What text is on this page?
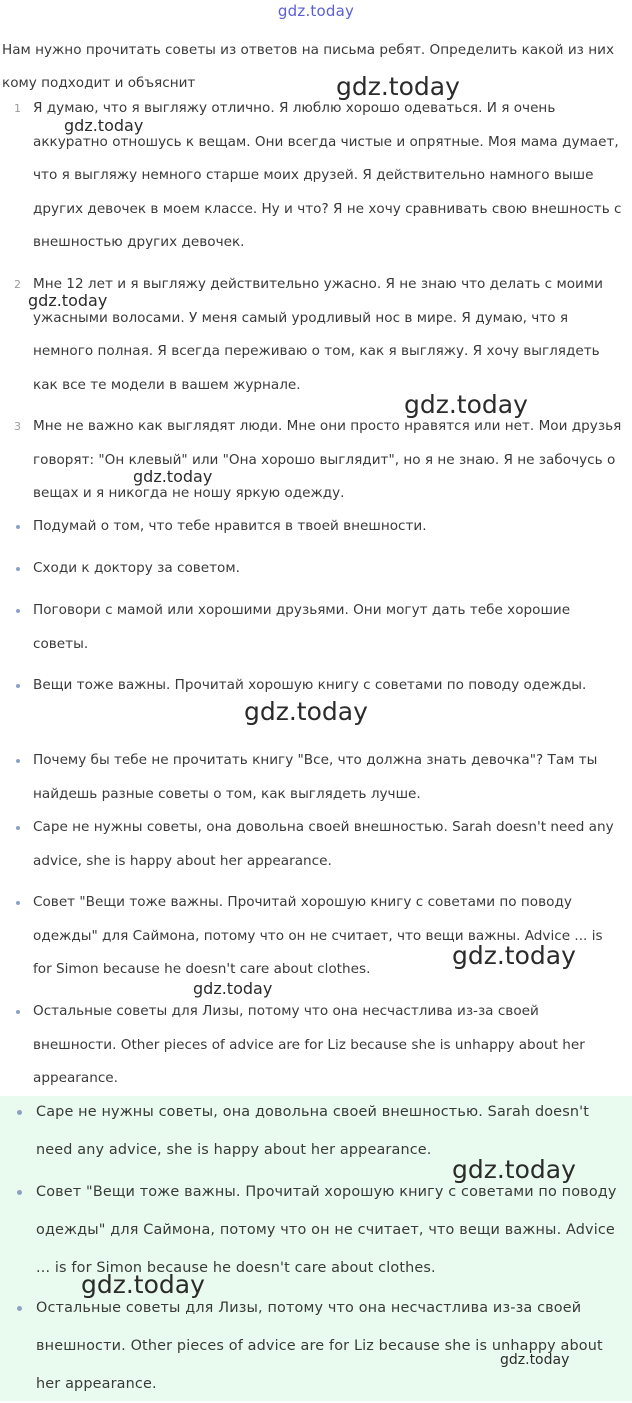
gdz.today
Нам нужно прочитать советы из ответов на письма ребят. Определить какой из них кому подходит и объяснит
1 Я думаю, что я выгляжу отлично. Я люблю хорошо одеваться. И я очень аккуратно отношусь к вещам. Они всегда чистые и опрятные. Моя мама думает, что я выгляжу немного старше моих друзей. Я действительно намного выше других девочек в моем классе. Ну и что? Я не хочу сравнивать свою внешность с внешностью других девочек.
2 Мне 12 лет и я выгляжу действительно ужасно. Я не знаю что делать с моими ужасными волосами. У меня самый уродливый нос в мире. Я думаю, что я немного полная. Я всегда переживаю о том, как я выгляжу. Я хочу выглядеть как все те модели в вашем журнале.
3 Мне не важно как выглядят люди. Мне они просто нравятся или нет. Мои друзья говорят: "Он клевый" или "Она хорошо выглядит", но я не знаю. Я не забочусь о вещах и я никогда не ношу яркую одежду.
Подумай о том, что тебе нравится в твоей внешности.
Сходи к доктору за советом.
Поговори с мамой или хорошими друзьями. Они могут дать тебе хорошие советы.
Вещи тоже важны. Прочитай хорошую книгу с советами по поводу одежды.
Почему бы тебе не прочитать книгу "Все, что должна знать девочка"? Там ты найдешь разные советы о том, как выглядеть лучше.
Саре не нужны советы, она довольна своей внешностью. Sarah doesn't need any advice, she is happy about her appearance.
Совет "Вещи тоже важны. Прочитай хорошую книгу с советами по поводу одежды" для Саймона, потому что он не считает, что вещи важны. Advice ... is for Simon because he doesn't care about clothes.
Остальные советы для Лизы, потому что она несчастлива из-за своей внешности. Other pieces of advice are for Liz because she is unhappy about her appearance.
Саре не нужны советы, она довольна своей внешностью. Sarah doesn't need any advice, she is happy about her appearance.
Совет "Вещи тоже важны. Прочитай хорошую книгу с советами по поводу одежды" для Саймона, потому что он не считает, что вещи важны. Advice ... is for Simon because he doesn't care about clothes.
Остальные советы для Лизы, потому что она несчастлива из-за своей внешности. Other pieces of advice are for Liz because she is unhappy about her appearance.
gdz.today
gdz.today
gdz.today
gdz.today
gdz.today
gdz.today
gdz.today
gdz.today
gdz.today
gdz.today
gdz.today
